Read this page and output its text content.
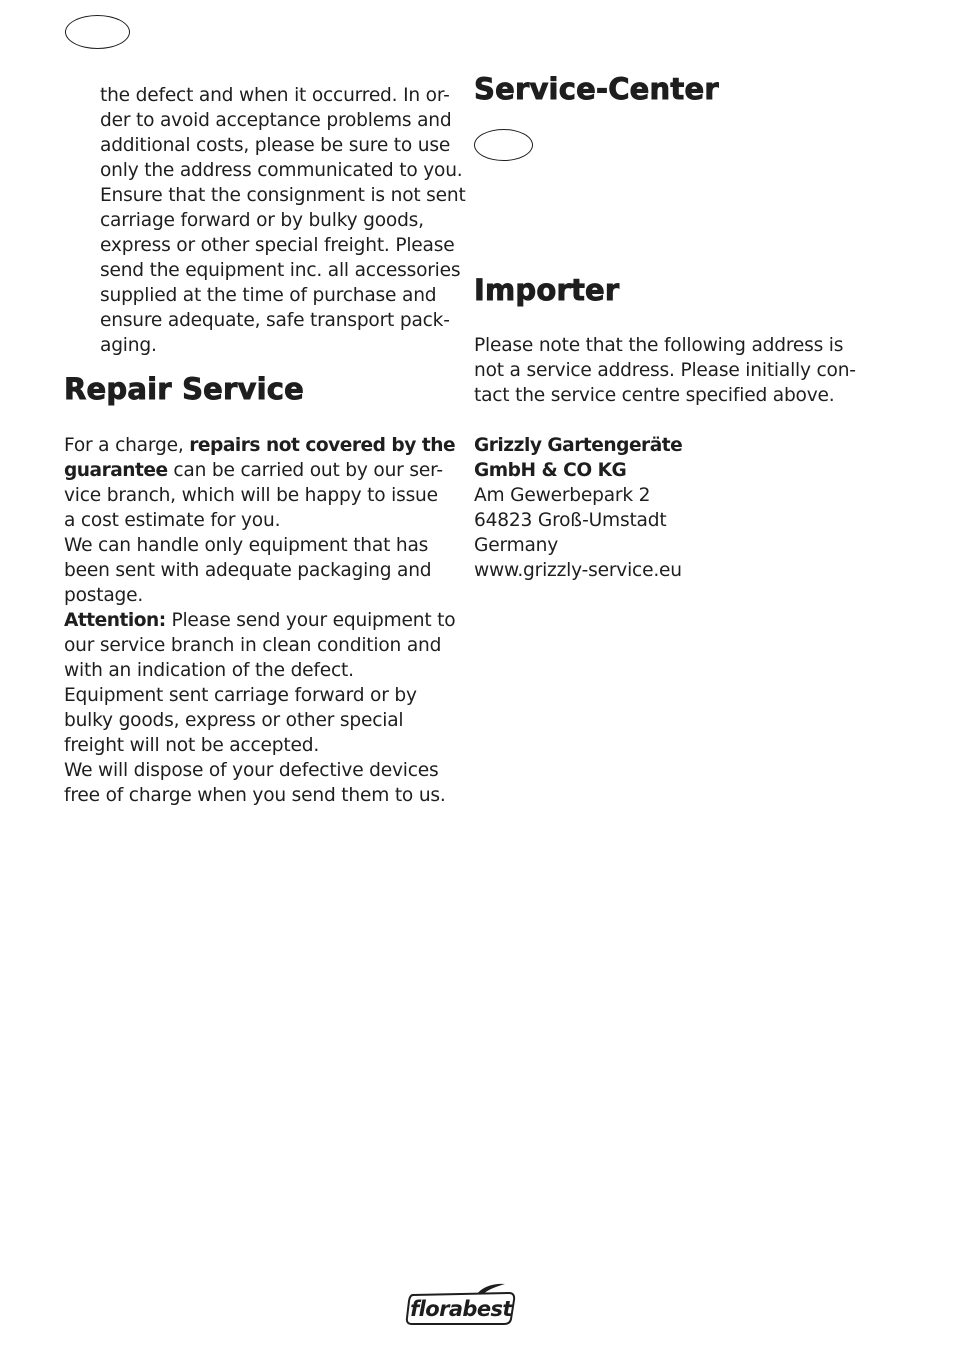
the defect and when it occurred. In or-

der to avoid acceptance problems and

additional costs, please be sure to use

only the address communicated to you.

Ensure that the consignment is not sent

carriage forward or by bulky goods,

express or other special freight. Please

send the equipment inc. all accessories

supplied at the time of purchase and

ensure adequate, safe transport pack-

aging.

Repair Service

For a charge, repairs not covered by the

guarantee can be carried out by our ser-

vice branch, which will be happy to issue

a cost estimate for you.

We can handle only equipment that has

been sent with adequate packaging and

postage.

Attention: Please send your equipment to

our service branch in clean condition and

with an indication of the defect.

Equipment sent carriage forward or by

bulky goods, express or other special

freight will not be accepted.

We will dispose of your defective devices

free of charge when you send them to us.

Service-Center
Importer

Please note that the following address is

not a service address. Please initially con-

tact the service centre specified above.

Grizzly Gartengeräte

GmbH & CO KG

Am Gewerbepark 2

64823 Groß-Umstadt

Germany

www.grizzly-service.eu

florabest
